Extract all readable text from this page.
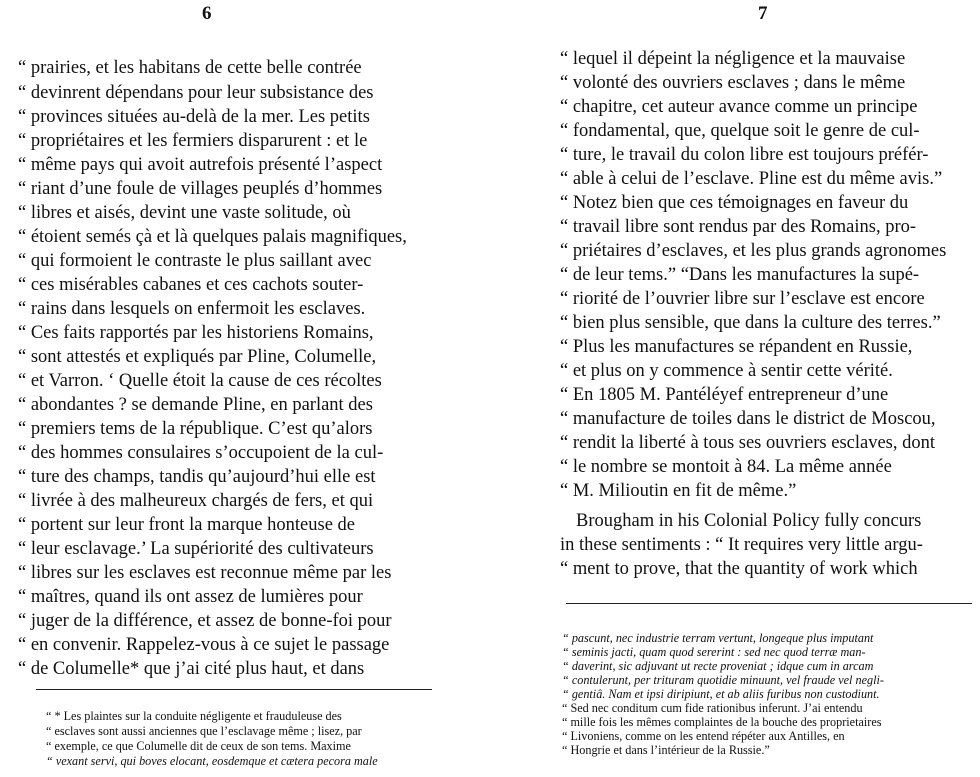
6	7
“ prairies, et les habitans de cette belle contrée
“ devinrent dépendans pour leur subsistance des
“ provinces situées au-delà de la mer. Les petits
“ propriétaires et les fermiers disparurent : et le
“ même pays qui avoit autrefois présenté l’aspect
“ riant d’une foule de villages peuplés d’hommes
“ libres et aisés, devint une vaste solitude, où
“ étoient semés çà et là quelques palais magnifiques,
“ qui formoient le contraste le plus saillant avec
“ ces misérables cabanes et ces cachots souter-
“ rains dans lesquels on enfermoit les esclaves.
“ Ces faits rapportés par les historiens Romains,
“ sont attestés et expliqués par Pline, Columelle,
“ et Varron. ‘ Quelle étoit la cause de ces récoltes
“ abondantes ? se demande Pline, en parlant des
“ premiers tems de la république. C’est qu’alors
“ des hommes consulaires s’occupoient de la cul-
“ ture des champs, tandis qu’aujourd’hui elle est
“ livrée à des malheureux chargés de fers, et qui
“ portent sur leur front la marque honteuse de
“ leur esclavage.’ La supériorité des cultivateurs
“ libres sur les esclaves est reconnue même par les
“ maîtres, quand ils ont assez de lumières pour
“ juger de la différence, et assez de bonne-foi pour
“ en convenir. Rappelez-vous à ce sujet le passage
“ de Columelle* que j’ai cité plus haut, et dans
“ * Les plaintes sur la conduite négligente et frauduleuse des
“ esclaves sont aussi anciennes que l’esclavage même ; lisez, par
“ exemple, ce que Columelle dit de ceux de son tems. Maxime
“ vexant servi, qui boves elocant, eosdemque et cætera pecora male
“ lequel il dépeint la négligence et la mauvaise
“ volonté des ouvriers esclaves ; dans le même
“ chapitre, cet auteur avance comme un principe
“ fondamental, que, quelque soit le genre de cul-
“ ture, le travail du colon libre est toujours préfér-
“ able à celui de l’esclave. Pline est du même avis.”
“ Notez bien que ces témoignages en faveur du
“ travail libre sont rendus par des Romains, pro-
“ priétaires d’esclaves, et les plus grands agronomes
“ de leur tems.” “Dans les manufactures la supé-
“ riorité de l’ouvrier libre sur l’esclave est encore
“ bien plus sensible, que dans la culture des terres.”
“ Plus les manufactures se répandent en Russie,
“ et plus on y commence à sentir cette vérité.
“ En 1805 M. Pantéléyef entrepreneur d’une
“ manufacture de toiles dans le district de Moscou,
“ rendit la liberté à tous ses ouvriers esclaves, dont
“ le nombre se montoit à 84. La même année
“ M. Milioutin en fit de même.”
Brougham in his Colonial Policy fully concurs
in these sentiments : “ It requires very little argu-
“ ment to prove, that the quantity of work which
“ pascunt, nec industrie terram vertunt, longeque plus imputant
“ seminis jacti, quam quod sererint : sed nec quod terræ man-
“ daverint, sic adjuvant ut recte proveniat ; idque cum in arcam
“ contulerunt, per trituram quotidie minuunt, vel fraude vel negli-
“ gentiâ. Nam et ipsi diripiunt, et ab aliis furibus non custodiunt.
“ Sed nec conditum cum fide rationibus inferunt. J’ai entendu
“ mille fois les mêmes complaintes de la bouche des proprietaires
“ Livoniens, comme on les entend répéter aux Antilles, en
“ Hongrie et dans l’intérieur de la Russie.”
